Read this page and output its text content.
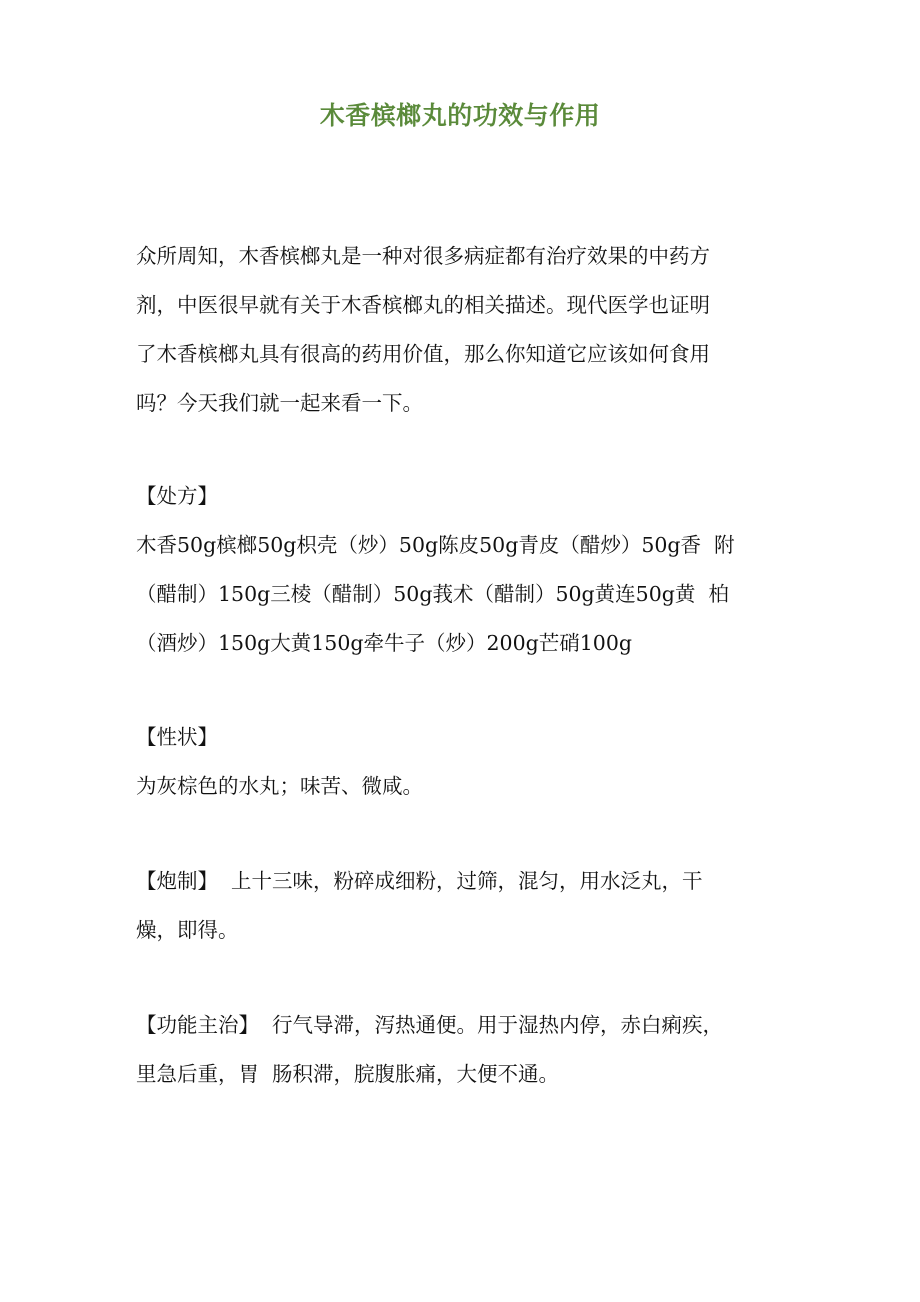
木香槟榔丸的功效与作用
众所周知，木香槟榔丸是一种对很多病症都有治疗效果的中药方
剂，中医很早就有关于木香槟榔丸的相关描述。现代医学也证明
了木香槟榔丸具有很高的药用价值，那么你知道它应该如何食用
吗？今天我们就一起来看一下。
【处方】
木香50g槟榔50g枳壳（炒）50g陈皮50g青皮（醋炒）50g香  附
（醋制）150g三棱（醋制）50g莪术（醋制）50g黄连50g黄  柏
（酒炒）150g大黄150g牵牛子（炒）200g芒硝100g
【性状】
为灰棕色的水丸；味苦、微咸。
【炮制】  上十三味，粉碎成细粉，过筛，混匀，用水泛丸，干
燥，即得。
【功能主治】  行气导滞，泻热通便。用于湿热内停，赤白痢疾，
里急后重，胃  肠积滞，脘腹胀痛，大便不通。
